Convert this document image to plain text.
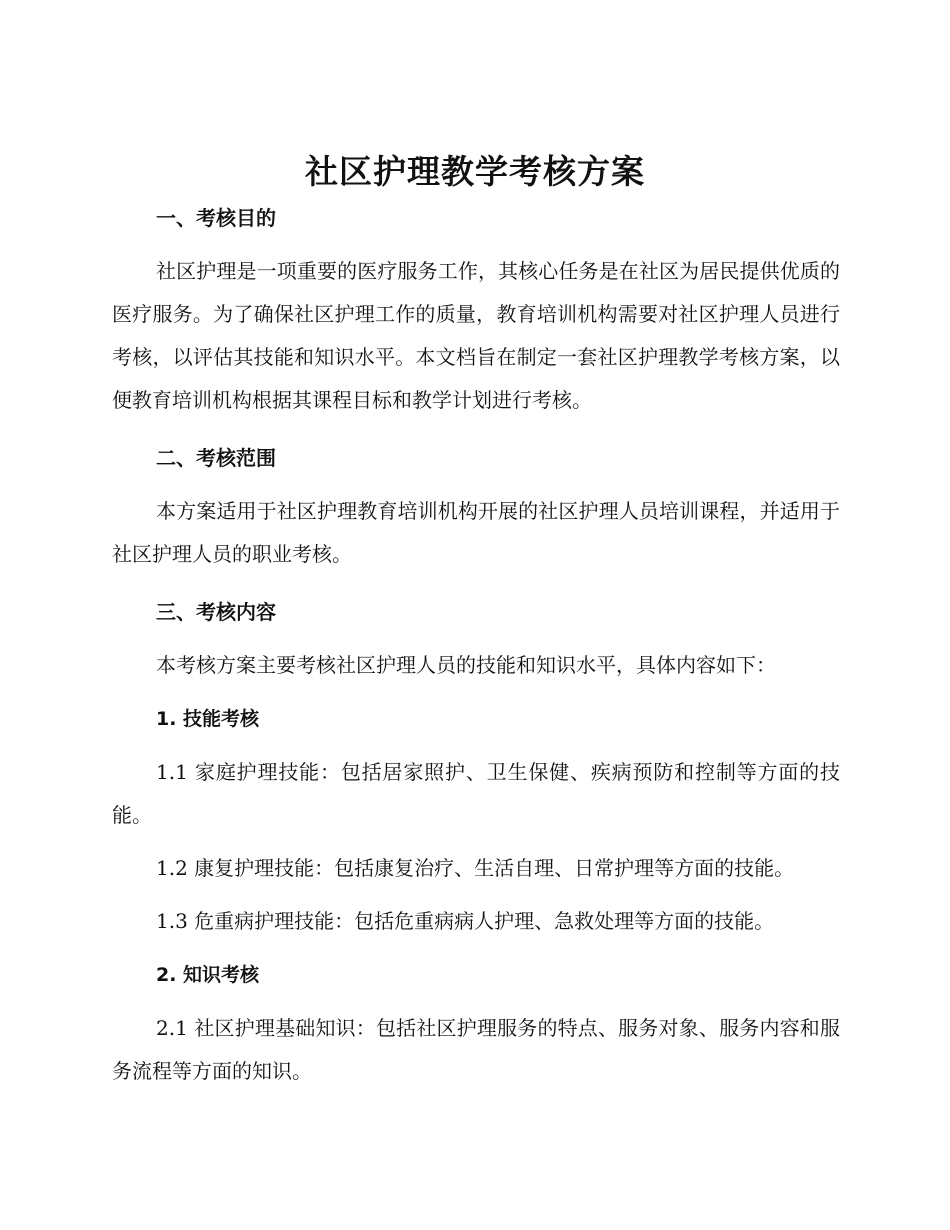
社区护理教学考核方案

一、考核目的

社区护理是一项重要的医疗服务工作，其核心任务是在社区为居民提供优质的医疗服务。为了确保社区护理工作的质量，教育培训机构需要对社区护理人员进行考核，以评估其技能和知识水平。本文档旨在制定一套社区护理教学考核方案，以便教育培训机构根据其课程目标和教学计划进行考核。

二、考核范围

本方案适用于社区护理教育培训机构开展的社区护理人员培训课程，并适用于社区护理人员的职业考核。

三、考核内容

本考核方案主要考核社区护理人员的技能和知识水平，具体内容如下：

1. 技能考核

1.1 家庭护理技能：包括居家照护、卫生保健、疾病预防和控制等方面的技能。

1.2 康复护理技能：包括康复治疗、生活自理、日常护理等方面的技能。

1.3 危重病护理技能：包括危重病病人护理、急救处理等方面的技能。

2. 知识考核

2.1 社区护理基础知识：包括社区护理服务的特点、服务对象、服务内容和服务流程等方面的知识。
